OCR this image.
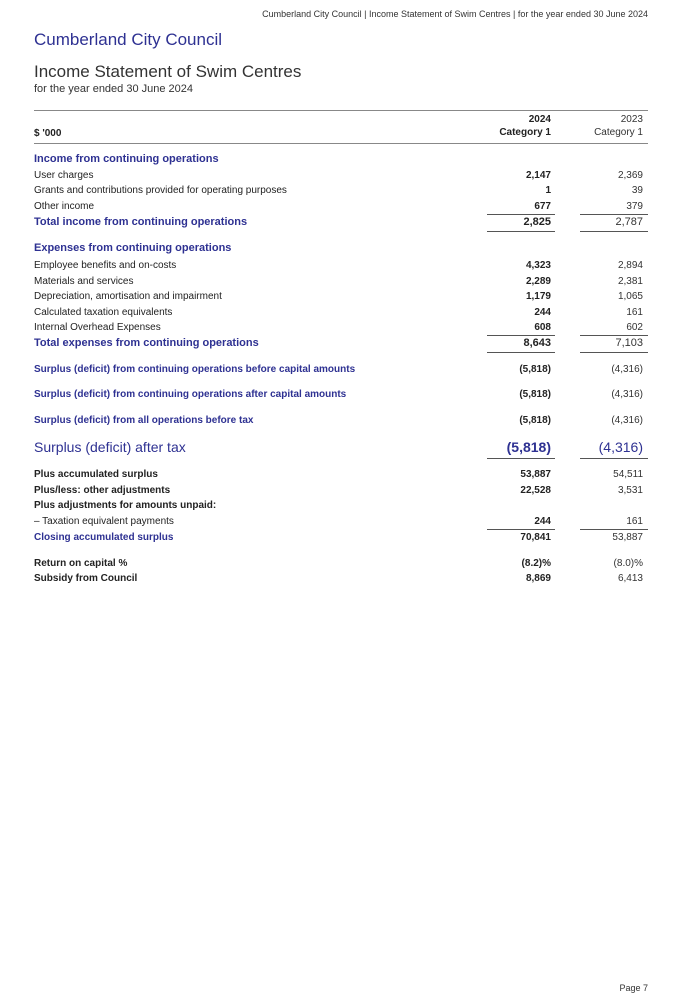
Cumberland City Council | Income Statement of Swim Centres | for the year ended 30 June 2024
Cumberland City Council
Income Statement of Swim Centres
for the year ended 30 June 2024
2024	2023
$ '000	Category 1	Category 1
Income from continuing operations
User charges	2,147	2,369
Grants and contributions provided for operating purposes	1	39
Other income	677	379
Total income from continuing operations	2,825	2,787
Expenses from continuing operations
Employee benefits and on-costs	4,323	2,894
Materials and services	2,289	2,381
Depreciation, amortisation and impairment	1,179	1,065
Calculated taxation equivalents	244	161
Internal Overhead Expenses	608	602
Total expenses from continuing operations	8,643	7,103
Surplus (deficit) from continuing operations before capital amounts	(5,818)	(4,316)
Surplus (deficit) from continuing operations after capital amounts	(5,818)	(4,316)
Surplus (deficit) from all operations before tax	(5,818)	(4,316)
Surplus (deficit) after tax	(5,818)	(4,316)
Plus accumulated surplus	53,887	54,511
Plus/less: other adjustments	22,528	3,531
Plus adjustments for amounts unpaid:
– Taxation equivalent payments	244	161
Closing accumulated surplus	70,841	53,887
Return on capital %	(8.2)%	(8.0)%
Subsidy from Council	8,869	6,413
Page 7
